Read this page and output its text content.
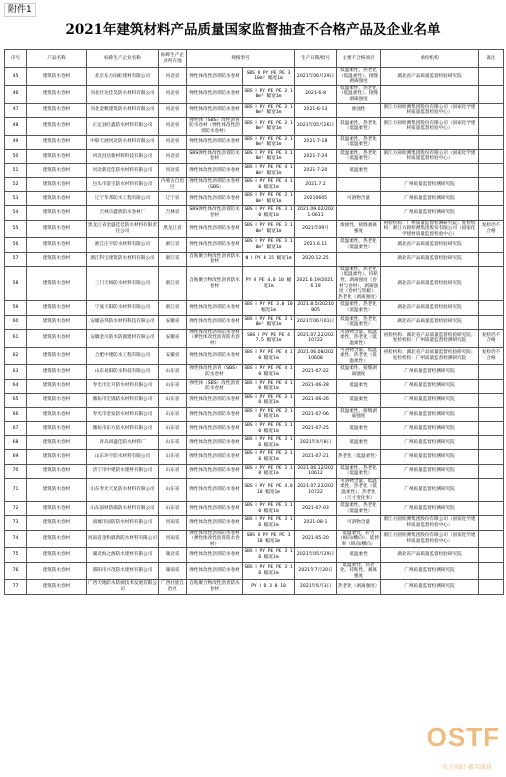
附件1
2021年建筑材料产品质量国家监督抽查不合格产品及企业名单
序号	产品名称	标称生产企业名称	标称生产企业所在地	规格型号		生产日期/批号	主要不合格项目	承检机构	备注
45	建筑防水卷材	北京东方雨虹建材有限公司	河北省	弹性体改性沥青防水卷材	SBS Ⅱ PY PE PE 3 10m² 幅宽1m	2021年06月29日	低温柔性、热老化（低温柔性）、接缝剥离强度	湖北省产品质量监督检验研究院	
46	建筑防水卷材	河北壮达佳昊防水材料有限公司	河北省	弹性体改性沥青防水卷材	SBS Ⅰ PY PE PE 3 10m² 幅宽1m	2021-6-8	低温柔性、热老化（低温柔性）、接缝剥离强度		
47	建筑防水卷材	河北金帆建筑防水材料有限公司	河北省	弹性体改性沥青防水卷材	SBS Ⅰ PY PE PE 3 10m² 幅宽1m	2021-6-13	渗油性	浙江方圆检测集团股份有限公司（国家化学建材质量监督检验中心）	
48	建筑防水卷材	正定县旺鑫防水材料有限公司	河北省	弹性体（SBS）改性沥青防水卷材（弹性体改性沥青防水卷材）	SBS Ⅰ PY PE PE 3 10m² 幅宽1m	2021年05月26日	低温柔性、热老化（低温柔性）	浙江方圆检测集团股份有限公司（国家化学建材质量监督检验中心）	
49	建筑防水卷材	中联天展河北防水材料有限公司	河北省	弹性体改性沥青防水卷材	SBS Ⅰ PY PE PE 3 10m² 幅宽1m	2021-7-18	低温柔性、热老化（低温柔性）		
50	建筑防水卷材	河北昌达新材料科技有限公司	河北省	SBS弹性体改性沥青防水卷材	SBS Ⅰ PY PE PE 3 10m² 幅宽1m	2021-7-24	低温柔性、热老化（低温柔性）	浙江方圆检测集团股份有限公司（国家化学建材质量监督检验中心）	
51	建筑防水卷材	河北新佳佳防水材料有限公司	河北省	弹性体改性沥青防水卷材	SBS Ⅰ PY PE PE 4 10m² 幅宽1m	2021-7-20	低温柔性		
52	建筑防水卷材	包头市雷宝防水材料有限公司	内蒙古自治区	弹性体改性沥青防水卷材（SBS）	SBS Ⅰ PY PE PE 4 10 幅宽1m	2021.7.2		广州质量监督检测研究院	
53	建筑防水卷材	辽宁华邦防水工程有限公司	辽宁省	弹性体改性沥青防水卷材	SBS Ⅰ PY PE PE 3 10m² 幅宽1m	20210605	可溶物含量	广州质量监督检测研究院	
54	建筑防水卷材	吉林市鑫欣防水卷材厂	吉林省	SBS弹性体改性沥青防水卷材	SBS Ⅰ PY PE PE 3 10 幅宽1m	2021.09.02/2021-0611		广州质量监督检测研究院	
55	建筑防水卷材	黑龙江省金盛佳佳防水材料有限责任公司	黑龙江省	弹性体改性沥青防水卷材	SBS Ⅰ PY PE PE 3 10m² 幅宽1m	2021年09月	渗油性、接缝剥离强度	初检机构：广州质量监督检测研究院；复检机构：浙江方圆检测集团股份有限公司（国家化学建材质量监督检验中心）	复检仍不合格
56	建筑防水卷材	浙江庄宇防水材料有限公司	浙江省	弹性体改性沥青防水卷材	SBS Ⅰ PY PE PE 3 10m² 幅宽1m	2021.6.11	低温柔性、热老化（低温柔性）	湖北省产品质量监督检验研究院	
57	建筑防水卷材	浙江科宝建筑防水材料有限公司	浙江省	自粘聚合物改性沥青防水卷材	N Ⅰ PY Ⅱ 15 幅宽1m	2020.12.25		湖北省产品质量监督检验研究院	
58	建筑防水卷材	三门天杨防水材料有限公司	浙江省	自粘聚合物改性沥青防水卷材	PY Ⅱ PE 4.0 10 幅宽1m	2021.6.19/2021.6.19	低温柔性、热老化（低温柔性）、持粘性、剥离强度（卷材与卷材）、剥离强度（卷材与铝板）、热老化（剥离强度）	湖北省产品质量监督检验研究院	
59	建筑防水卷材	宁波天阳防水材料有限公司	浙江省	弹性体改性沥青防水卷材	SBS Ⅰ PY PE 3.0 10 幅宽1m	2021.8.5/20210805	低温柔性、热老化（低温柔性）	湖北省产品质量监督检验研究院	
60	建筑防水卷材	安徽奋邦防水材料科技有限公司	安徽省	弹性体改性沥青防水卷材	SBS Ⅰ PY PE PE 3 10m² 幅宽1m	2021年06月01日	低温柔性、热老化（低温柔性）	湖北省产品质量监督检验研究院	
61	建筑防水卷材	安徽金川防水防腐建材有限公司	安徽省	弹性体改性沥青防水卷材（弹性体改性沥青防水卷材）	SBS Ⅰ PY PE PE 4 7.5 幅宽1m	2021.07.22/20210722	可溶物含量、低温柔性、热老化（低温柔性）	初检机构：湖北省产品质量监督检验研究院；复检机构：广州质量监督检测研究院	复检仍不合格
62	建筑防水卷材	合肥中建防水工程有限公司	安徽省	弹性体改性沥青防水卷材	SBS Ⅰ PY PE PE 4 10 幅宽1m	2021.06.08/20210608	可溶物含量、低温柔性、热老化（低温柔性）	初检机构：湖北省产品质量监督检验研究院；复检机构：广州质量监督检测研究院	复检仍不合格
63	建筑防水卷材	山东易阳防水科技有限公司	山东省	弹性体改性沥青（SBS）防水卷材	SBS Ⅰ PY PE PE 4 10 幅宽1m	2021-07-22	低温柔性、接缝剥离强度	广州质量监督检测研究院	
64	建筑防水卷材	寿光市宏升防水材料有限公司	山东省	弹性体（SBS）改性沥青防水卷材	SBS Ⅰ PY PE PE 4 10 幅宽1m	2021-06-28	低温柔性	广州质量监督检测研究院	
65	建筑防水卷材	潍坊市宏锦防水材料有限公司	山东省	弹性体改性沥青防水卷材	SBS Ⅰ PY PE PE 3 10 幅宽1m	2021-06-26	低温柔性	广州质量监督检测研究院	
66	建筑防水卷材	寿光市金发防水材料有限公司	山东省	弹性体改性沥青防水卷材	SBS Ⅰ PY PE PE 3 10 幅宽1m	2021-07-06	低温柔性、接缝剥离强度	广州质量监督检测研究院	
67	建筑防水卷材	潍坊市东方防水材料有限公司	山东省	弹性体改性沥青防水卷材	SBS Ⅰ PY PE PE 3 10 幅宽1m	2021-07-25	低温柔性	广州质量监督检测研究院	
68	建筑防水卷材	青岛同盛佳防水材料厂	山东省	弹性体改性沥青防水卷材	SBS Ⅰ PY PE PE 3 10 幅宽1m	2021年4月8日	低温柔性	广州质量监督检测研究院	
69	建筑防水卷材	山东环宇防水材料有限公司	山东省	弹性体改性沥青防水卷材	SBS Ⅰ PY PE PE 3 10 幅宽1m	2021-07-21	热老化（低温柔性）	广州质量监督检测研究院	
70	建筑防水卷材	济宁市中建防水建材有限公司	山东省	弹性体改性沥青防水卷材	SBS Ⅰ PY PE PE 3 10 幅宽1m	2021.06.12/20210612	低温柔性、热老化（低温柔性）	广州质量监督检测研究院	
71	建筑防水卷材	山东寿光天星防水材料有限公司	山东省	弹性体改性沥青防水卷材	SBS Ⅰ PY PE PE 4.0 10 幅宽1m	2021.07.22/20210722	可溶物含量、低温柔性、热老化（低温柔性）、热老化（尺寸变化率）	广州质量监督检测研究院	
72	建筑防水卷材	山东国财防腐防水材料有限公司	山东省	弹性体改性沥青防水卷材	SBS Ⅰ PY PE PE 3 10 幅宽1m	2021-07-03	低温柔性、热老化（低温柔性）	广州质量监督检测研究院	
73	建筑防水卷材	项城市国防防水材料有限公司	河南省	弹性体改性沥青防水卷材	SBS Ⅰ PY PE PE 3 10 幅宽1m	2021-08-1	可溶物含量	浙江方圆检测集团股份有限公司（国家化学建材质量监督检验中心）	
74	建筑防水卷材	河南省金和鼎新防水材料有限公司	河南省	弹性体改性沥青防水卷材（弹性体改性沥青防水卷材）	SBS Ⅱ PY PE PE 3 10 幅宽1m	2021-05-20	低温柔性、拉力（纵向/横向）、延伸率（纵向/横向）	浙江方圆检测集团股份有限公司（国家化学建材质量监督检验中心）	
75	建筑防水卷材	湖北海之源防水建材有限公司	湖北省	弹性体改性沥青防水卷材	SBS Ⅰ PY PE PE 3 10 幅宽1m	2021年05月29日	低温柔性	湖北省产品质量监督检验研究院	
76	建筑防水卷材	邵阳市兴茂防水建材有限公司	湖南省	弹性体改性沥青防水卷材	SBS Ⅰ PY PE PE 3 10 幅宽1m	2021年7月20日	低温柔性、热老化、持粘性、剥离强度	广州质量监督检测研究院	
77	建筑防水卷材	广西天地防水防腐技术发展有限公司	广西壮族自治区	自粘聚合物改性沥青防水卷材	PY Ⅰ D 3 0 10	2021年6月3日	热老化（剥离强度）	广州质量监督检测研究院	
OSTF
·东方雨虹·鑫邦媒体
